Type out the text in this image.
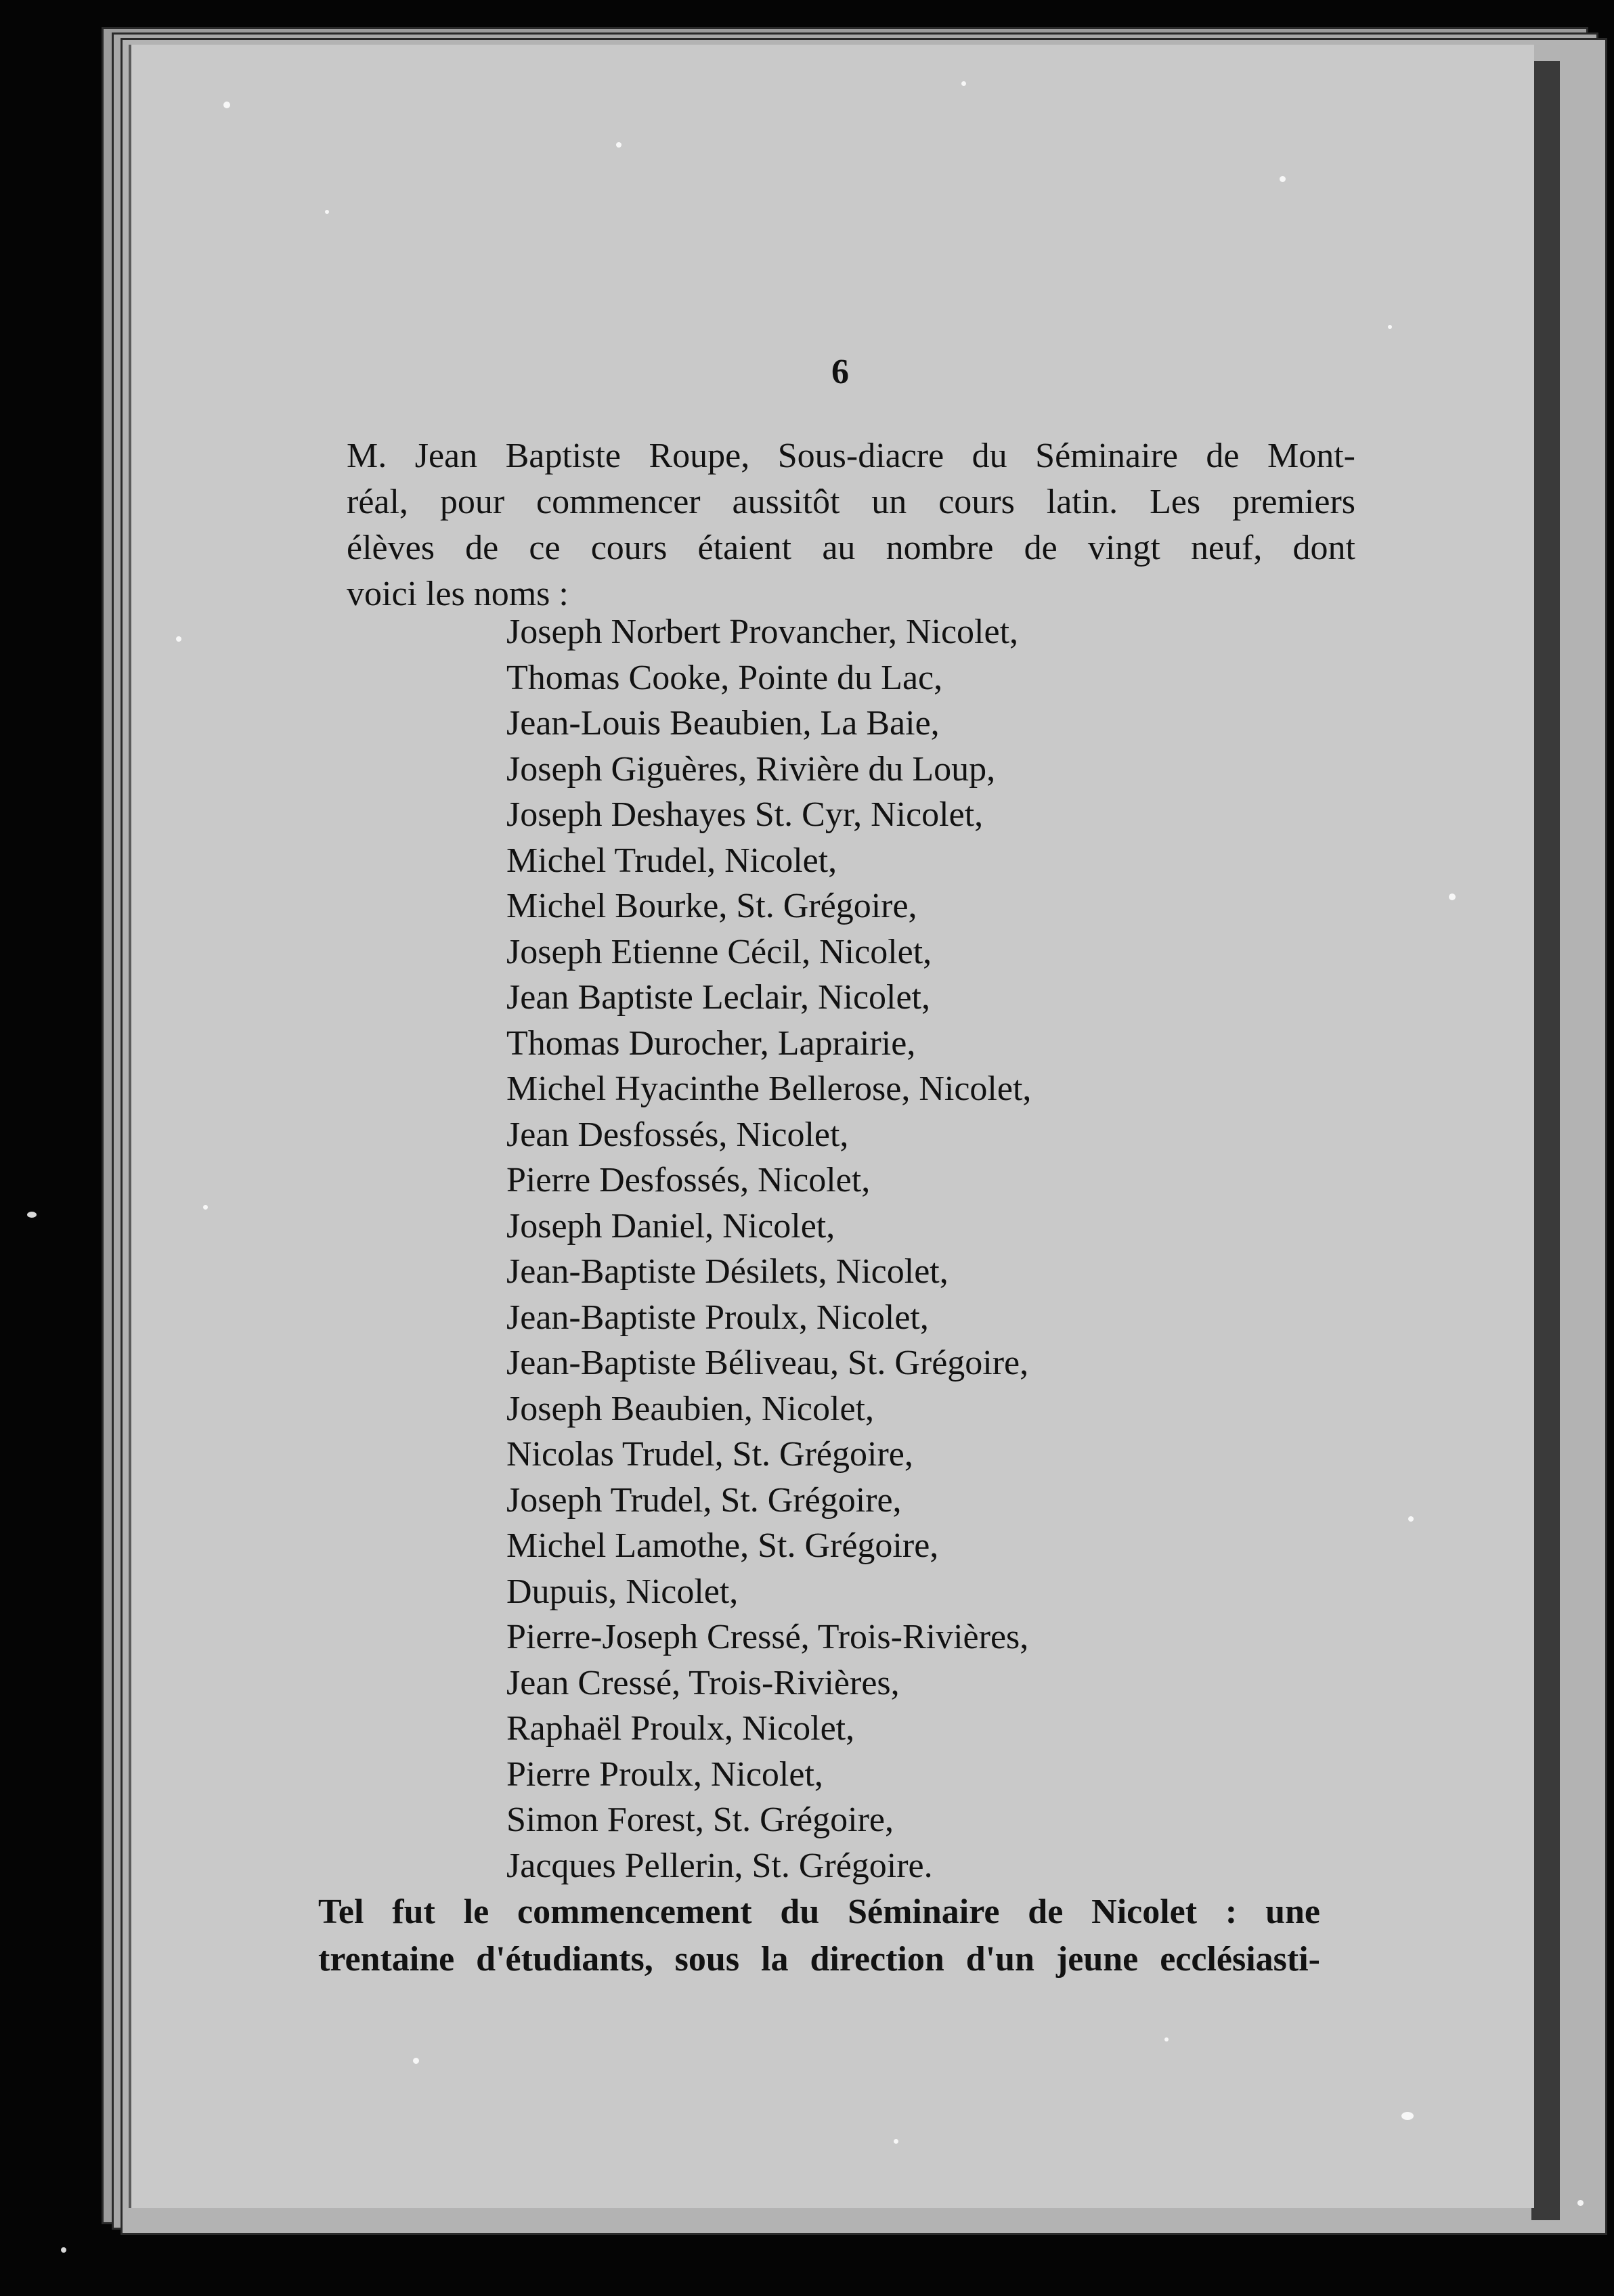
6
M. Jean Baptiste Roupe, Sous-diacre du Séminaire de Mont-
réal, pour commencer aussitôt un cours latin. Les premiers
élèves de ce cours étaient au nombre de vingt neuf, dont
voici les noms :
Joseph Norbert Provancher, Nicolet,
Thomas Cooke, Pointe du Lac,
Jean-Louis Beaubien, La Baie,
Joseph Giguères, Rivière du Loup,
Joseph Deshayes St. Cyr, Nicolet,
Michel Trudel, Nicolet,
Michel Bourke, St. Grégoire,
Joseph Etienne Cécil, Nicolet,
Jean Baptiste Leclair, Nicolet,
Thomas Durocher, Laprairie,
Michel Hyacinthe Bellerose, Nicolet,
Jean Desfossés, Nicolet,
Pierre Desfossés, Nicolet,
Joseph Daniel, Nicolet,
Jean-Baptiste Désilets, Nicolet,
Jean-Baptiste Proulx, Nicolet,
Jean-Baptiste Béliveau, St. Grégoire,
Joseph Beaubien, Nicolet,
Nicolas Trudel, St. Grégoire,
Joseph Trudel, St. Grégoire,
Michel Lamothe, St. Grégoire,
Dupuis, Nicolet,
Pierre-Joseph Cressé, Trois-Rivières,
Jean Cressé, Trois-Rivières,
Raphaël Proulx, Nicolet,
Pierre Proulx, Nicolet,
Simon Forest, St. Grégoire,
Jacques Pellerin, St. Grégoire.
Tel fut le commencement du Séminaire de Nicolet : une
trentaine d'étudiants, sous la direction d'un jeune ecclésiasti-
